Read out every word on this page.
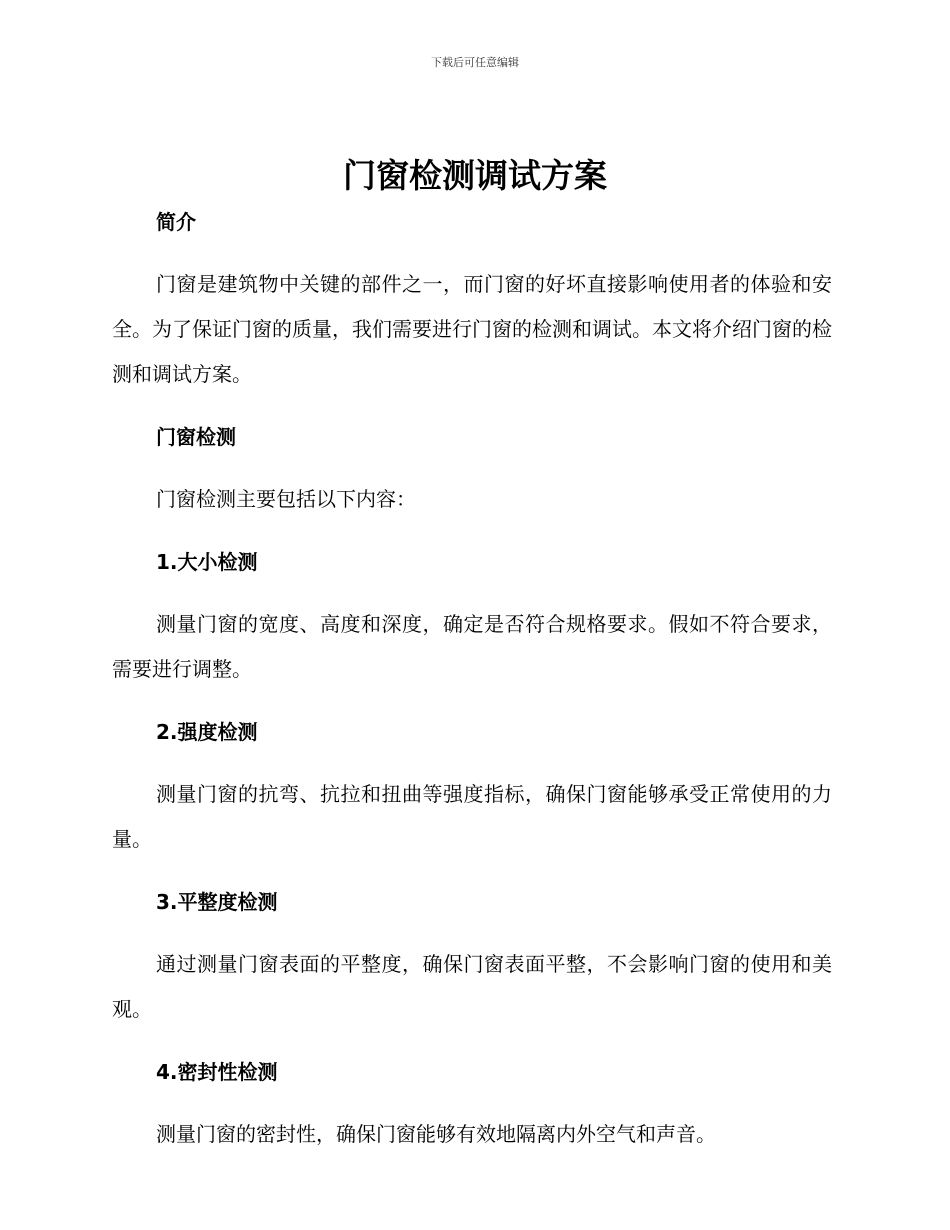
下载后可任意编辑
门窗检测调试方案

简介

门窗是建筑物中关键的部件之一，而门窗的好坏直接影响使用者的体验和安全。为了保证门窗的质量，我们需要进行门窗的检测和调试。本文将介绍门窗的检测和调试方案。

门窗检测

门窗检测主要包括以下内容：

1.大小检测

测量门窗的宽度、高度和深度，确定是否符合规格要求。假如不符合要求，需要进行调整。

2.强度检测

测量门窗的抗弯、抗拉和扭曲等强度指标，确保门窗能够承受正常使用的力量。

3.平整度检测

通过测量门窗表面的平整度，确保门窗表面平整，不会影响门窗的使用和美观。

4.密封性检测

测量门窗的密封性，确保门窗能够有效地隔离内外空气和声音。
